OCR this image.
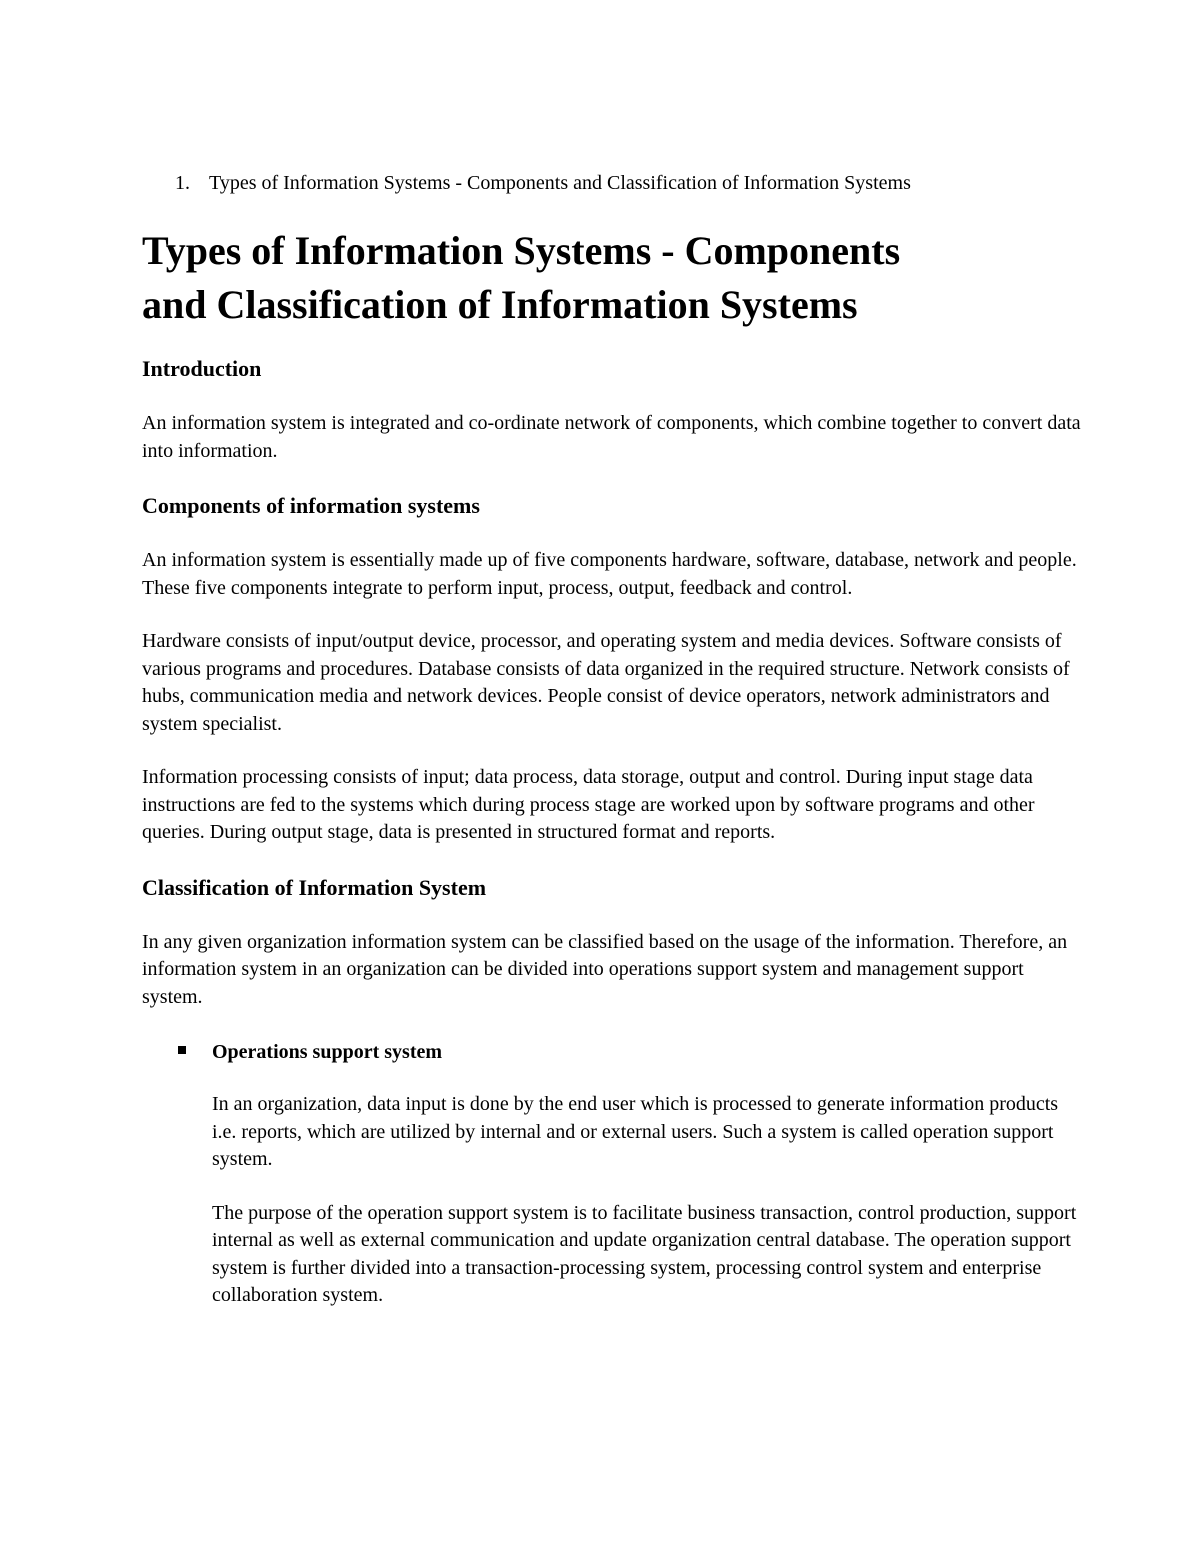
1. Types of Information Systems - Components and Classification of Information Systems
Types of Information Systems - Components
and Classification of Information Systems
Introduction

An information system is integrated and co-ordinate network of components, which combine together to convert data into information.

Components of information systems

An information system is essentially made up of five components hardware, software, database, network and people. These five components integrate to perform input, process, output, feedback and control.

Hardware consists of input/output device, processor, and operating system and media devices. Software consists of various programs and procedures. Database consists of data organized in the required structure. Network consists of hubs, communication media and network devices. People consist of device operators, network administrators and system specialist.

Information processing consists of input; data process, data storage, output and control. During input stage data instructions are fed to the systems which during process stage are worked upon by software programs and other queries. During output stage, data is presented in structured format and reports.

Classification of Information System

In any given organization information system can be classified based on the usage of the information. Therefore, an information system in an organization can be divided into operations support system and management support system.

Operations support system

In an organization, data input is done by the end user which is processed to generate information products i.e. reports, which are utilized by internal and or external users. Such a system is called operation support system.

The purpose of the operation support system is to facilitate business transaction, control production, support internal as well as external communication and update organization central database. The operation support system is further divided into a transaction-processing system, processing control system and enterprise collaboration system.
